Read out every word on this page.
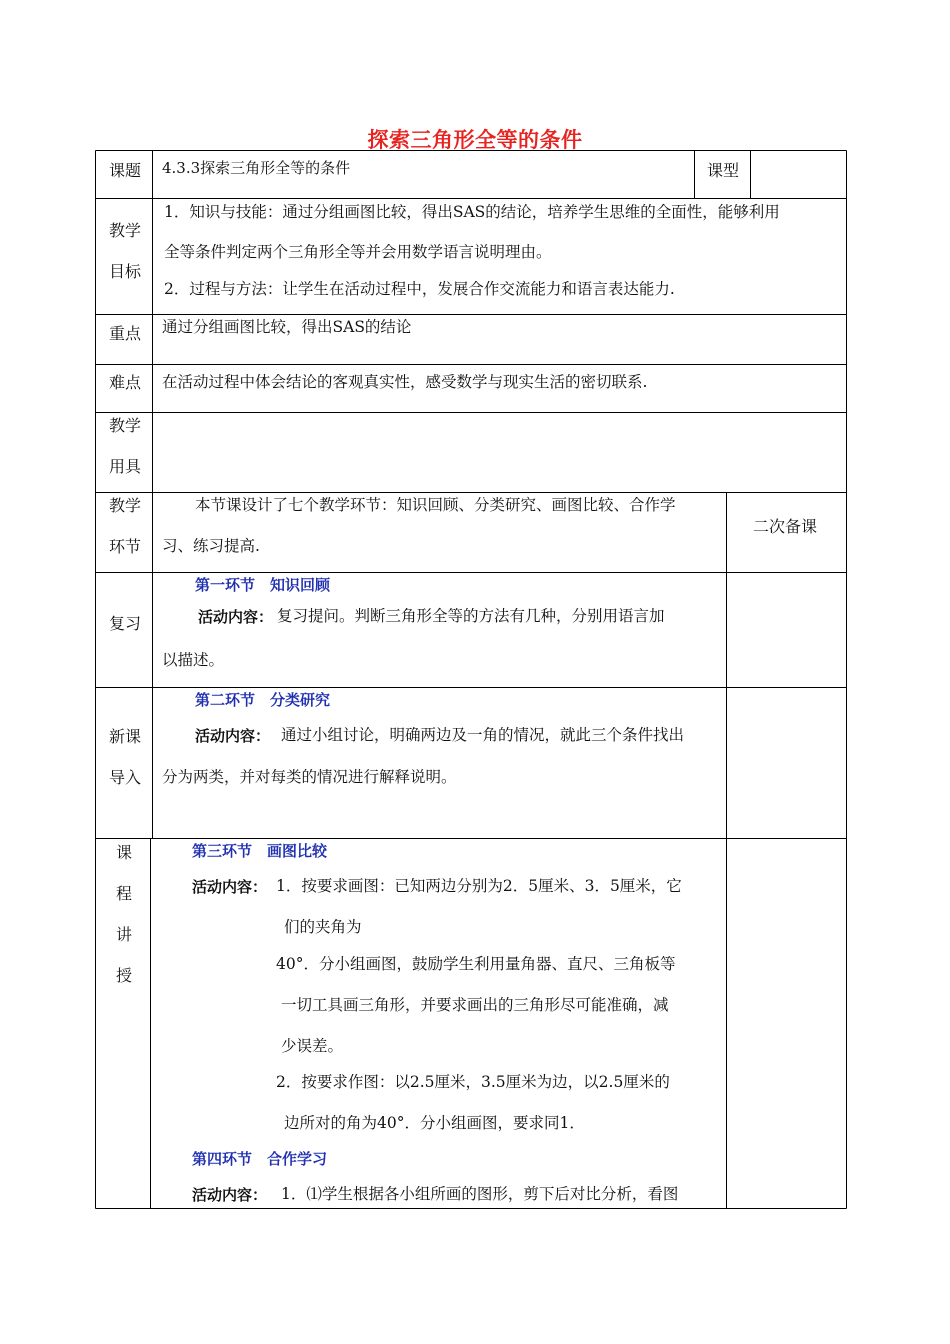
探索三角形全等的条件
课题 4.3.3探索三角形全等的条件	课型
教学
目标
1．知识与技能：通过分组画图比较，得出SAS的结论，培养学生思维的全面性，能够利用
全等条件判定两个三角形全等并会用数学语言说明理由。
2．过程与方法：让学生在活动过程中，发展合作交流能力和语言表达能力.
重点 通过分组画图比较，得出SAS的结论
难点 在活动过程中体会结论的客观真实性，感受数学与现实生活的密切联系.
教学
用具
教学
环节
本节课设计了七个教学环节：知识回顾、分类研究、画图比较、合作学
习、练习提高.
二次备课
复习
第一环节　知识回顾
活动内容： 复习提问。判断三角形全等的方法有几种，分别用语言加
以描述。
新课
导入
第二环节　分类研究
活动内容： 通过小组讨论，明确两边及一角的情况，就此三个条件找出
分为两类，并对每类的情况进行解释说明。
课
程
讲
授
第三环节　画图比较
活动内容： 1．按要求画图：已知两边分别为2．5厘米、3．5厘米，它
们的夹角为
40°．分小组画图，鼓励学生利用量角器、直尺、三角板等
一切工具画三角形，并要求画出的三角形尽可能准确，减
少误差。
2．按要求作图：以2.5厘米，3.5厘米为边，以2.5厘米的
边所对的角为40°．分小组画图，要求同1．
第四环节　合作学习
活动内容： 1．⑴学生根据各小组所画的图形，剪下后对比分析，看图
